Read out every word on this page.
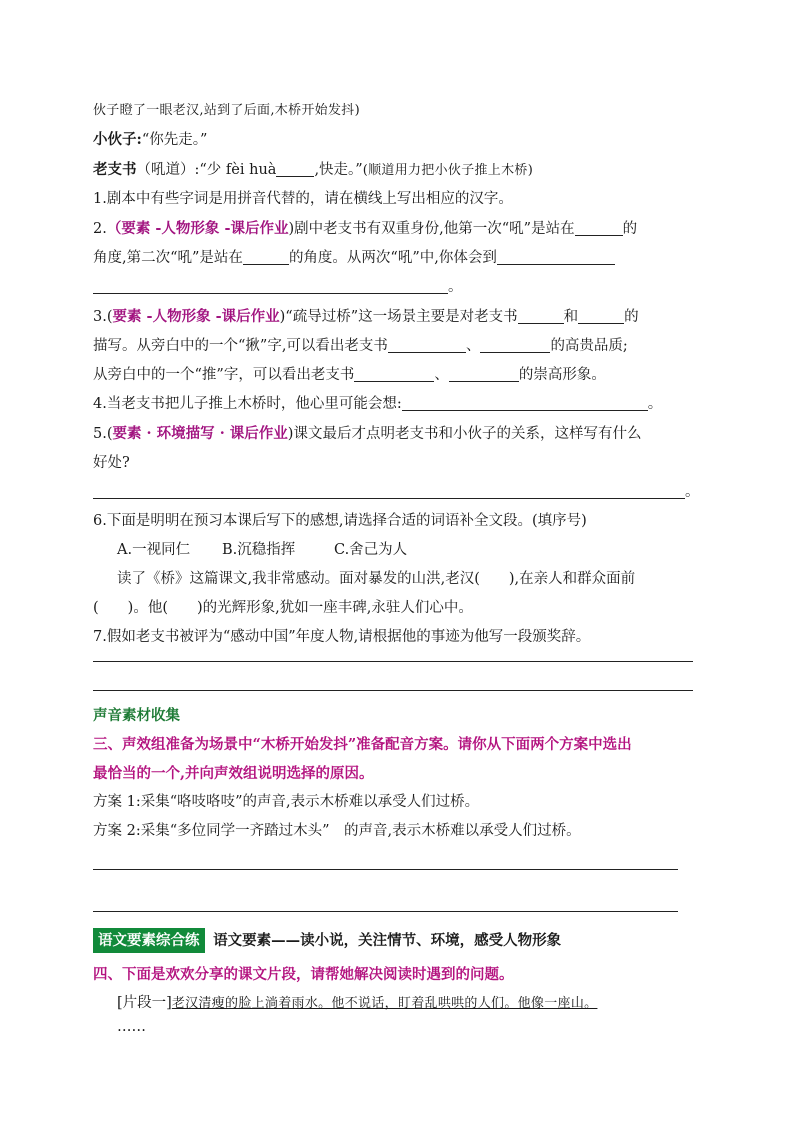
伙子瞪了一眼老汉,站到了后面,木桥开始发抖)
小伙子:“你先走。”
老支书（吼道）:“少 fèi huà	,快走。”(顺道用力把小伙子推上木桥)
1.剧本中有些字词是用拼音代替的，请在横线上写出相应的汉字。
2.（要素 -人物形象 -课后作业)剧中老支书有双重身份,他第一次“吼”是站在	的
角度,第二次“吼”是站在	的角度。从两次“吼”中,你体会到
。
3.(要素 -人物形象 -课后作业)“疏导过桥”这一场景主要是对老支书	和	的
描写。从旁白中的一个“揪”字,可以看出老支书	、	的高贵品质;
从旁白中的一个“推”字，可以看出老支书	、	的崇高形象。
4.当老支书把儿子推上木桥时，他心里可能会想:	。
5.(要素 · 环境描写 · 课后作业)课文最后才点明老支书和小伙子的关系，这样写有什么
好处?
。
6.下面是明明在预习本课后写下的感想,请选择合适的词语补全文段。(填序号)
A.一视同仁 B.沉稳指挥	C.舍己为人
读了《桥》这篇课文,我非常感动。面对暴发的山洪,老汉(　　),在亲人和群众面前
(　　)。他(　　)的光辉形象,犹如一座丰碑,永驻人们心中。
7.假如老支书被评为“感动中国”年度人物,请根据他的事迹为他写一段颁奖辞。
声音素材收集
三、声效组准备为场景中“木桥开始发抖”准备配音方案。请你从下面两个方案中选出
最恰当的一个,并向声效组说明选择的原因。
方案 1:采集“咯吱咯吱”的声音,表示木桥难以承受人们过桥。
方案 2:采集“多位同学一齐踏过木头”　的声音,表示木桥难以承受人们过桥。
语文要素综合练 语文要素——读小说，关注情节、环境，感受人物形象
四、下面是欢欢分享的课文片段，请帮她解决阅读时遇到的问题。
[片段一]老汉清瘦的脸上淌着雨水。他不说话，盯着乱哄哄的人们。他像一座山。
……
